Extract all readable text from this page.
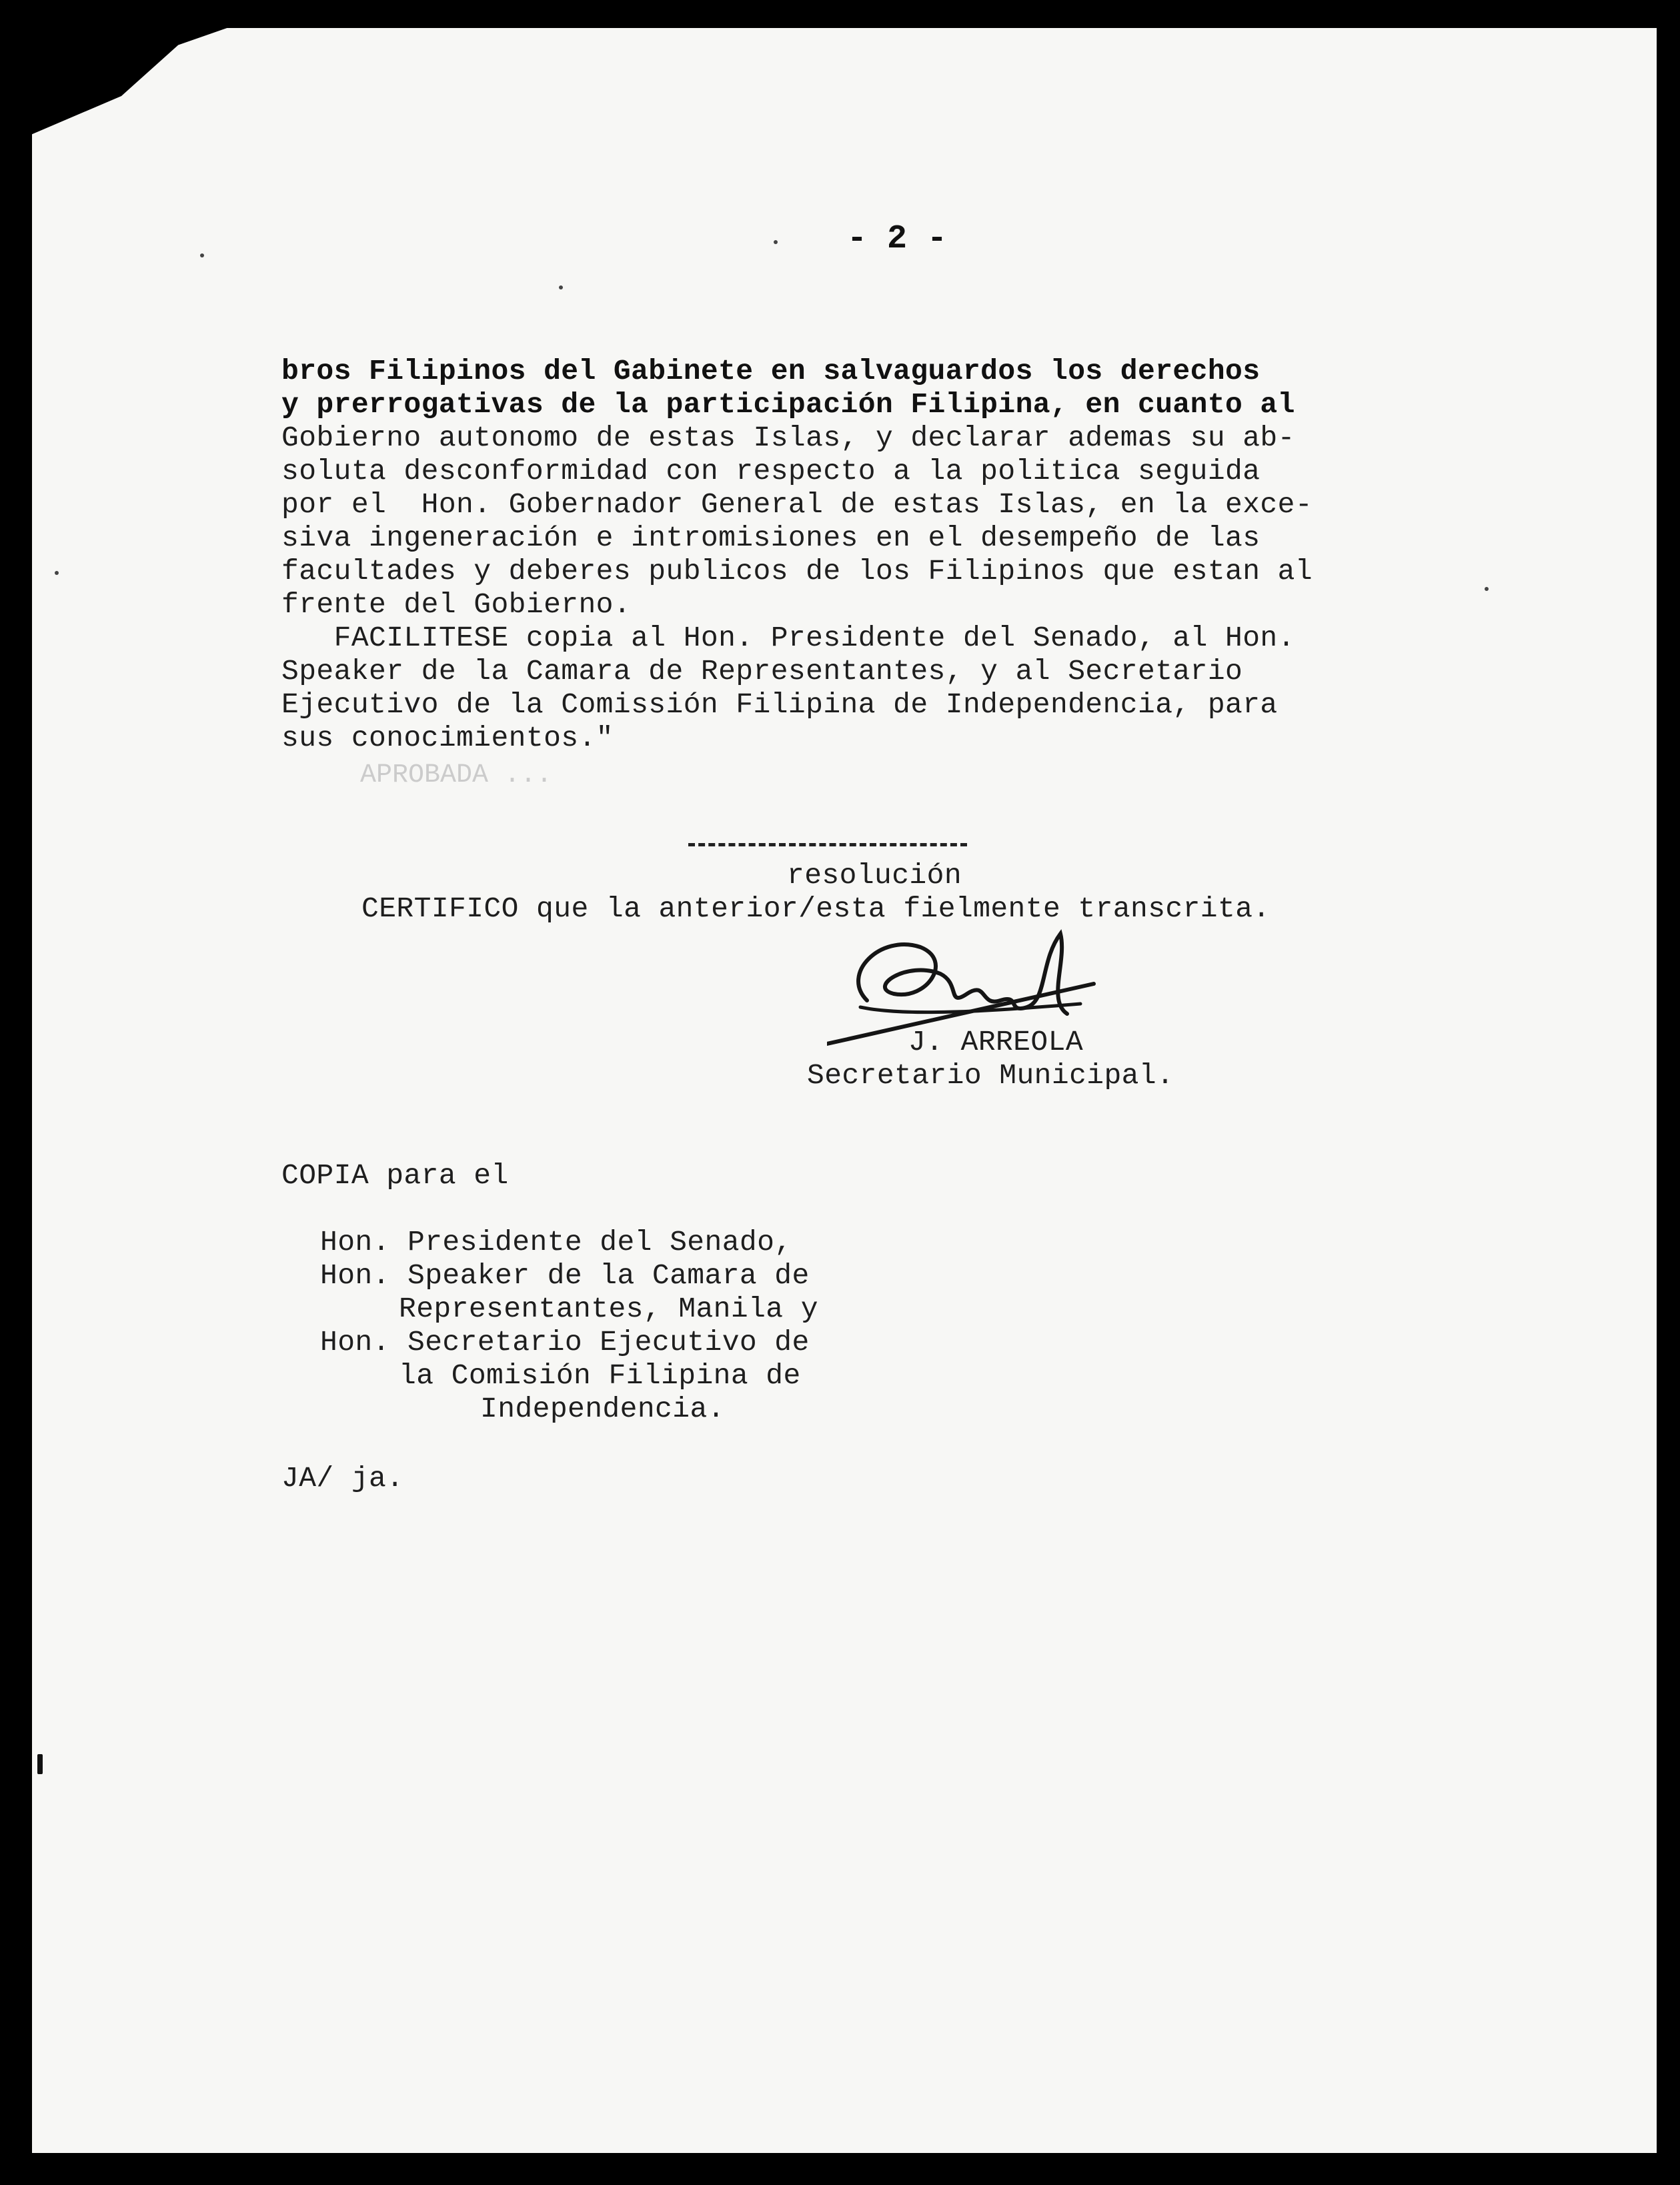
- 2 -
bros Filipinos del Gabinete en salvaguardos los derechos
y prerrogativas de la participación Filipina, en cuanto al
Gobierno autonomo de estas Islas, y declarar ademas su ab-
soluta desconformidad con respecto a la politica seguida
por el  Hon. Gobernador General de estas Islas, en la exce-
siva ingeneración e intromisiones en el desempeño de las
facultades y deberes publicos de los Filipinos que estan al
frente del Gobierno.
FACILITESE copia al Hon. Presidente del Senado, al Hon.
Speaker de la Camara de Representantes, y al Secretario
Ejecutivo de la Comissión Filipina de Independencia, para
sus conocimientos."
APROBADA ...
resolución
CERTIFICO que la anterior/esta fielmente transcrita.
J. ARREOLA
Secretario Municipal.
COPIA para el
Hon. Presidente del Senado,
Hon. Speaker de la Camara de
Representantes, Manila y
Hon. Secretario Ejecutivo de
la Comisión Filipina de
Independencia.
JA/ ja.
